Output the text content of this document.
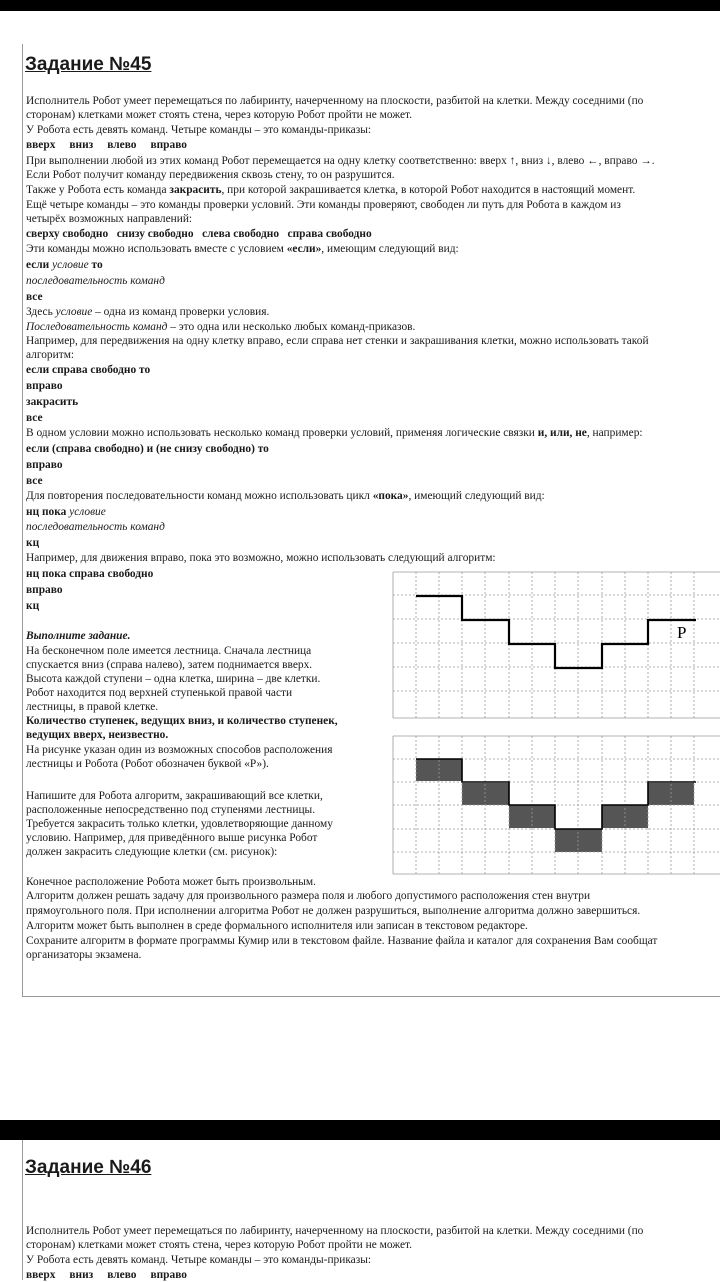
Задание №45
Исполнитель Робот умеет перемещаться по лабиринту, начерченному на плоскости, разбитой на клетки. Между соседними (по
сторонам) клетками может стоять стена, через которую Робот пройти не может.
У Робота есть девять команд. Четыре команды – это команды-приказы:
вверх вниз влево вправо
При выполнении любой из этих команд Робот перемещается на одну клетку соответственно: вверх ↑, вниз ↓, влево ←, вправо →.
Если Робот получит команду передвижения сквозь стену, то он разрушится.
Также у Робота есть команда закрасить, при которой закрашивается клетка, в которой Робот находится в настоящий момент.
Ещё четыре команды – это команды проверки условий. Эти команды проверяют, свободен ли путь для Робота в каждом из
четырёх возможных направлений:
сверху свободно   снизу свободно   слева свободно   справа свободно
Эти команды можно использовать вместе с условием «если», имеющим следующий вид:
если условие то
последовательность команд
все
Здесь условие – одна из команд проверки условия.
Последовательность команд – это одна или несколько любых команд-приказов.
Например, для передвижения на одну клетку вправо, если справа нет стенки и закрашивания клетки, можно использовать такой
алгоритм:
если справа свободно то
вправо
закрасить
все
В одном условии можно использовать несколько команд проверки условий, применяя логические связки и, или, не, например:
если (справа свободно) и (не снизу свободно) то
вправо
все
Для повторения последовательности команд можно использовать цикл «пока», имеющий следующий вид:
нц пока условие
последовательность команд
кц
Например, для движения вправо, пока это возможно, можно использовать следующий алгоритм:
нц пока справа свободно
вправо
кц
Выполните задание.
На бесконечном поле имеется лестница. Сначала лестница
спускается вниз (справа налево), затем поднимается вверх.
Высота каждой ступени – одна клетка, ширина – две клетки.
Робот находится под верхней ступенькой правой части
лестницы, в правой клетке.
Количество ступенек, ведущих вниз, и количество ступенек,
ведущих вверх, неизвестно.
На рисунке указан один из возможных способов расположения
лестницы и Робота (Робот обозначен буквой «Р»).
Напишите для Робота алгоритм, закрашивающий все клетки,
расположенные непосредственно под ступенями лестницы.
Требуется закрасить только клетки, удовлетворяющие данному
условию. Например, для приведённого выше рисунка Робот
должен закрасить следующие клетки (см. рисунок):
Конечное расположение Робота может быть произвольным.
Алгоритм должен решать задачу для произвольного размера поля и любого допустимого расположения стен внутри
прямоугольного поля. При исполнении алгоритма Робот не должен разрушиться, выполнение алгоритма должно завершиться.
Алгоритм может быть выполнен в среде формального исполнителя или записан в текстовом редакторе.
Сохраните алгоритм в формате программы Кумир или в текстовом файле. Название файла и каталог для сохранения Вам сообщат
организаторы экзамена.
Р
Задание №46
Исполнитель Робот умеет перемещаться по лабиринту, начерченному на плоскости, разбитой на клетки. Между соседними (по
сторонам) клетками может стоять стена, через которую Робот пройти не может.
У Робота есть девять команд. Четыре команды – это команды-приказы:
вверх вниз влево вправо
